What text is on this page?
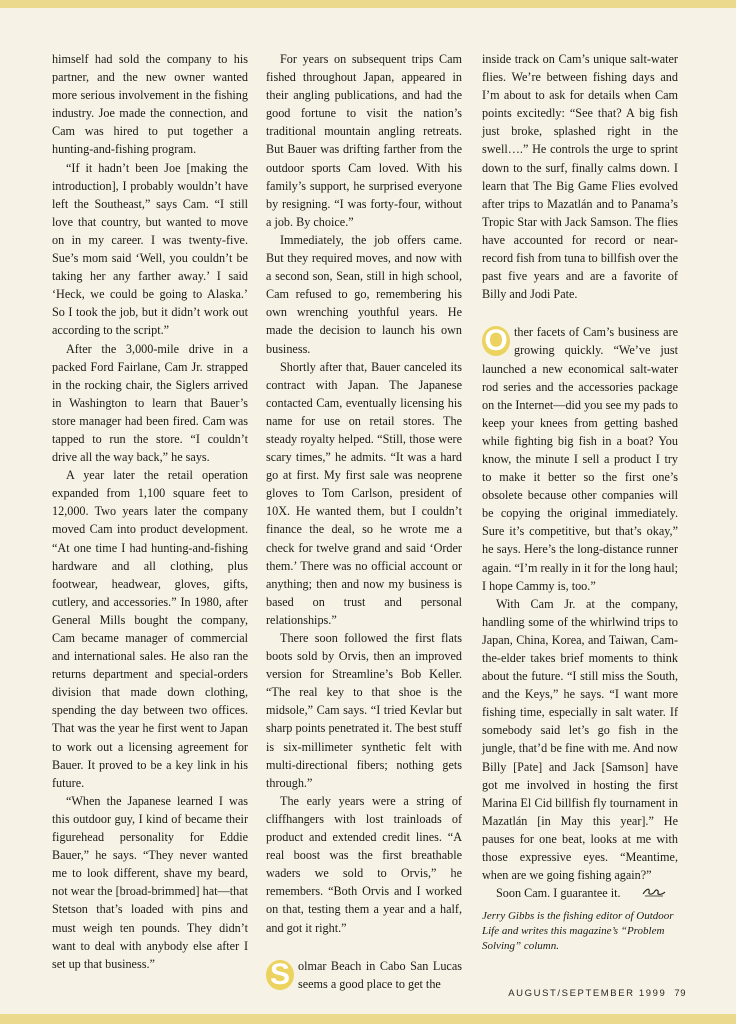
himself had sold the company to his partner, and the new owner wanted more serious involvement in the fishing industry. Joe made the connection, and Cam was hired to put together a hunting-and-fishing program.

“If it hadn’t been Joe [making the introduction], I probably wouldn’t have left the Southeast,” says Cam. “I still love that country, but wanted to move on in my career. I was twenty-five. Sue’s mom said ‘Well, you couldn’t be taking her any farther away.’ I said ‘Heck, we could be going to Alaska.’ So I took the job, but it didn’t work out according to the script.”

After the 3,000-mile drive in a packed Ford Fairlane, Cam Jr. strapped in the rocking chair, the Siglers arrived in Washington to learn that Bauer’s store manager had been fired. Cam was tapped to run the store. “I couldn’t drive all the way back,” he says.

A year later the retail operation expanded from 1,100 square feet to 12,000. Two years later the company moved Cam into product development. “At one time I had hunting-and-fishing hardware and all clothing, plus footwear, headwear, gloves, gifts, cutlery, and accessories.” In 1980, after General Mills bought the company, Cam became manager of commercial and international sales. He also ran the returns department and special-orders division that made down clothing, spending the day between two offices. That was the year he first went to Japan to work out a licensing agreement for Bauer. It proved to be a key link in his future.

“When the Japanese learned I was this outdoor guy, I kind of became their figurehead personality for Eddie Bauer,” he says. “They never wanted me to look different, shave my beard, not wear the [broad-brimmed] hat—that Stetson that’s loaded with pins and must weigh ten pounds. They didn’t want to deal with anybody else after I set up that business.”

For years on subsequent trips Cam fished throughout Japan, appeared in their angling publications, and had the good fortune to visit the nation’s traditional mountain angling retreats. But Bauer was drifting farther from the outdoor sports Cam loved. With his family’s support, he surprised everyone by resigning. “I was forty-four, without a job. By choice.”

Immediately, the job offers came. But they required moves, and now with a second son, Sean, still in high school, Cam refused to go, remembering his own wrenching youthful years. He made the decision to launch his own business.

Shortly after that, Bauer canceled its contract with Japan. The Japanese contacted Cam, eventually licensing his name for use on retail stores. The steady royalty helped. “Still, those were scary times,” he admits. “It was a hard go at first. My first sale was neoprene gloves to Tom Carlson, president of 10X. He wanted them, but I couldn’t finance the deal, so he wrote me a check for twelve grand and said ‘Order them.’ There was no official account or anything; then and now my business is based on trust and personal relationships.”

There soon followed the first flats boots sold by Orvis, then an improved version for Streamline’s Bob Keller. “The real key to that shoe is the midsole,” Cam says. “I tried Kevlar but sharp points penetrated it. The best stuff is six-millimeter synthetic felt with multi-directional fibers; nothing gets through.”

The early years were a string of cliffhangers with lost trainloads of product and extended credit lines. “A real boost was the first breathable waders we sold to Orvis,” he remembers. “Both Orvis and I worked on that, testing them a year and a half, and got it right.”

S olmar Beach in Cabo San Lucas seems a good place to get the

inside track on Cam’s unique salt-water flies. We’re between fishing days and I’m about to ask for details when Cam points excitedly: “See that? A big fish just broke, splashed right in the swell….” He controls the urge to sprint down to the surf, finally calms down. I learn that The Big Game Flies evolved after trips to Mazatlán and to Panama’s Tropic Star with Jack Samson. The flies have accounted for record or near-record fish from tuna to billfish over the past five years and are a favorite of Billy and Jodi Pate.

O ther facets of Cam’s business are growing quickly. “We’ve just launched a new economical salt-water rod series and the accessories package on the Internet—did you see my pads to keep your knees from getting bashed while fighting big fish in a boat? You know, the minute I sell a product I try to make it better so the first one’s obsolete because other companies will be copying the original immediately. Sure it’s competitive, but that’s okay,” he says. Here’s the long-distance runner again. “I’m really in it for the long haul; I hope Cammy is, too.”

With Cam Jr. at the company, handling some of the whirlwind trips to Japan, China, Korea, and Taiwan, Cam-the-elder takes brief moments to think about the future. “I still miss the South, and the Keys,” he says. “I want more fishing time, especially in salt water. If somebody said let’s go fish in the jungle, that’d be fine with me. And now Billy [Pate] and Jack [Samson] have got me involved in hosting the first Marina El Cid billfish fly tournament in Mazatlán [in May this year].” He pauses for one beat, looks at me with those expressive eyes. “Meantime, when are we going fishing again?”

Soon Cam. I guarantee it.

Jerry Gibbs is the fishing editor of Outdoor Life and writes this magazine’s “Problem Solving” column.
AUGUST/SEPTEMBER 1999 79
